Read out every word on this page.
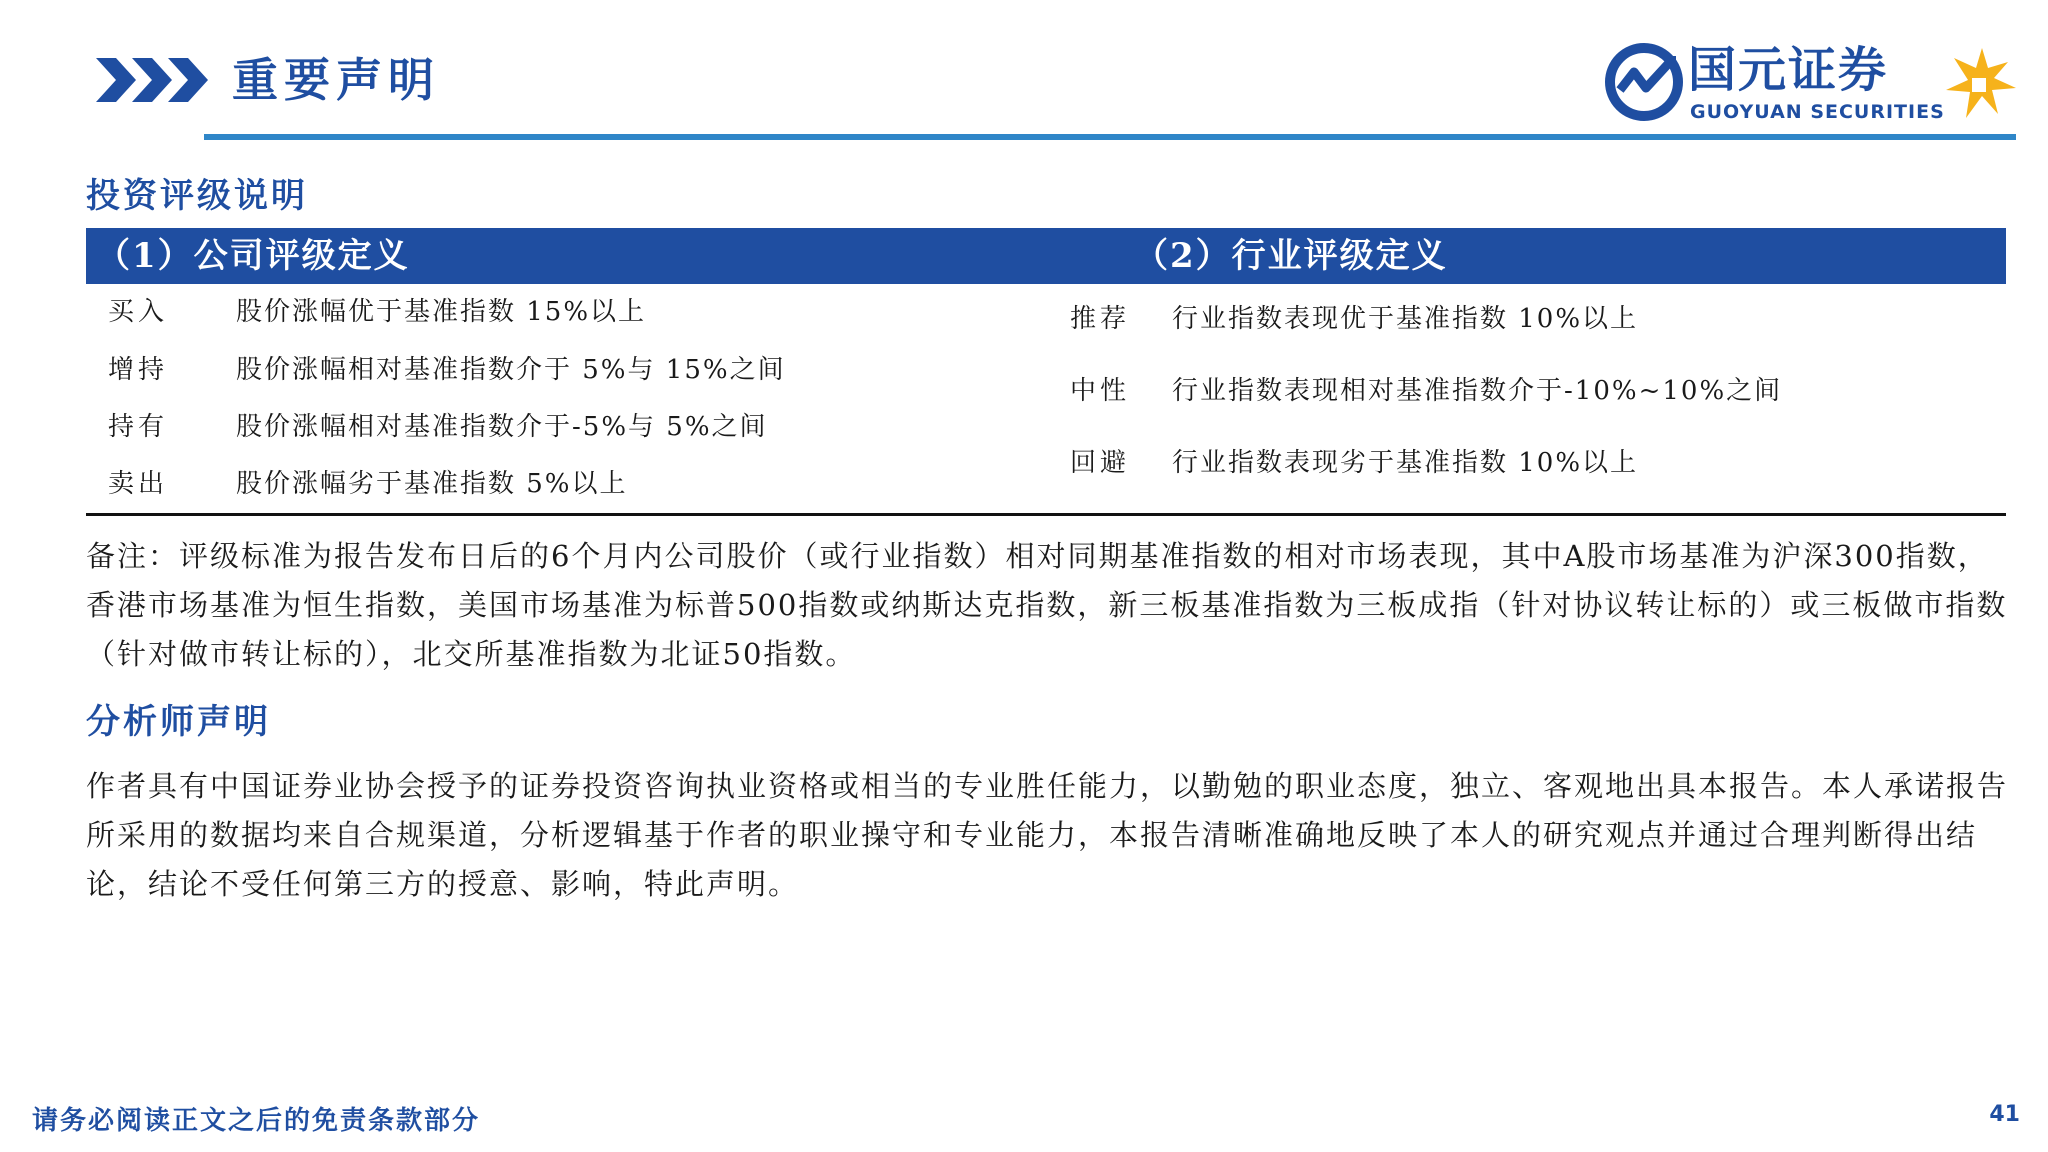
重要声明	国元证券
GUOYUAN SECURITIES
投资评级说明
（1）公司评级定义	（2）行业评级定义
买入	股价涨幅优于基准指数 15%以上
增持	股价涨幅相对基准指数介于 5%与 15%之间
持有	股价涨幅相对基准指数介于-5%与 5%之间
卖出	股价涨幅劣于基准指数 5%以上
推荐 行业指数表现优于基准指数 10%以上
中性 行业指数表现相对基准指数介于-10%~10%之间
回避 行业指数表现劣于基准指数 10%以上

备注：评级标准为报告发布日后的6个月内公司股价（或行业指数）相对同期基准指数的相对市场表现，其中A股市场基准为沪深300指数，香港市场基准为恒生指数，美国市场基准为标普500指数或纳斯达克指数，新三板基准指数为三板成指（针对协议转让标的）或三板做市指数（针对做市转让标的），北交所基准指数为北证50指数。

分析师声明

作者具有中国证券业协会授予的证券投资咨询执业资格或相当的专业胜任能力，以勤勉的职业态度，独立、客观地出具本报告。本人承诺报告所采用的数据均来自合规渠道，分析逻辑基于作者的职业操守和专业能力，本报告清晰准确地反映了本人的研究观点并通过合理判断得出结论，结论不受任何第三方的授意、影响，特此声明。

请务必阅读正文之后的免责条款部分	41
